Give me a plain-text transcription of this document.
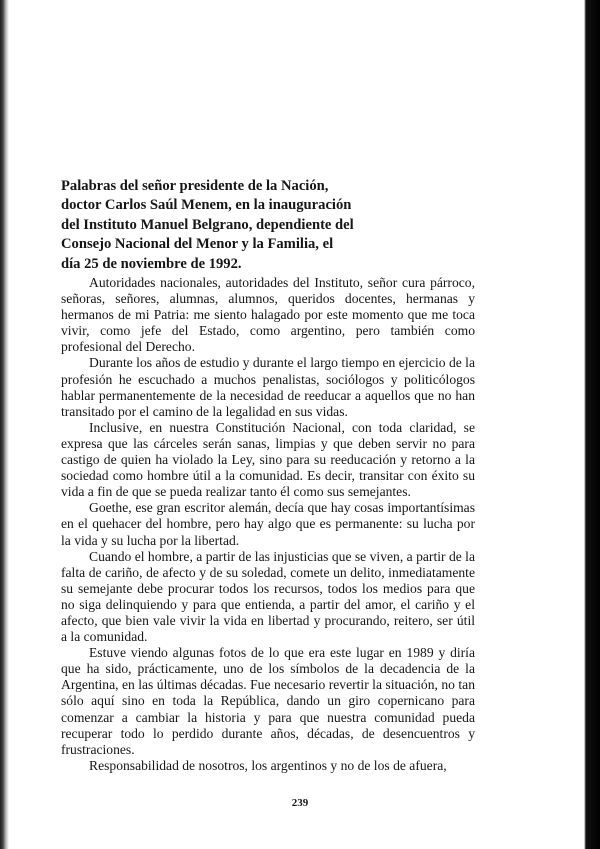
Palabras del señor presidente de la Nación,
doctor Carlos Saúl Menem, en la inauguración
del Instituto Manuel Belgrano, dependiente del
Consejo Nacional del Menor y la Familia, el
día 25 de noviembre de 1992.

Autoridades nacionales, autoridades del Instituto, señor cura párroco, señoras, señores, alumnas, alumnos, queridos docentes, hermanas y hermanos de mi Patria: me siento halagado por este momento que me toca vivir, como jefe del Estado, como argentino, pero también como profesional del Derecho.

Durante los años de estudio y durante el largo tiempo en ejercicio de la profesión he escuchado a muchos penalistas, sociólogos y politicólogos hablar permanentemente de la necesidad de reeducar a aquellos que no han transitado por el camino de la legalidad en sus vidas.

Inclusive, en nuestra Constitución Nacional, con toda claridad, se expresa que las cárceles serán sanas, limpias y que deben servir no para castigo de quien ha violado la Ley, sino para su reeducación y retorno a la sociedad como hombre útil a la comunidad. Es decir, transitar con éxito su vida a fin de que se pueda realizar tanto él como sus semejantes.

Goethe, ese gran escritor alemán, decía que hay cosas importantísimas en el quehacer del hombre, pero hay algo que es permanente: su lucha por la vida y su lucha por la libertad.

Cuando el hombre, a partir de las injusticias que se viven, a partir de la falta de cariño, de afecto y de su soledad, comete un delito, inmediatamente su semejante debe procurar todos los recursos, todos los medios para que no siga delinquiendo y para que entienda, a partir del amor, el cariño y el afecto, que bien vale vivir la vida en libertad y procurando, reitero, ser útil a la comunidad.

Estuve viendo algunas fotos de lo que era este lugar en 1989 y diría que ha sido, prácticamente, uno de los símbolos de la decadencia de la Argentina, en las últimas décadas. Fue necesario revertir la situación, no tan sólo aquí sino en toda la República, dando un giro copernicano para comenzar a cambiar la historia y para que nuestra comunidad pueda recuperar todo lo perdido durante años, décadas, de desencuentros y frustraciones.

Responsabilidad de nosotros, los argentinos y no de los de afuera,

239
